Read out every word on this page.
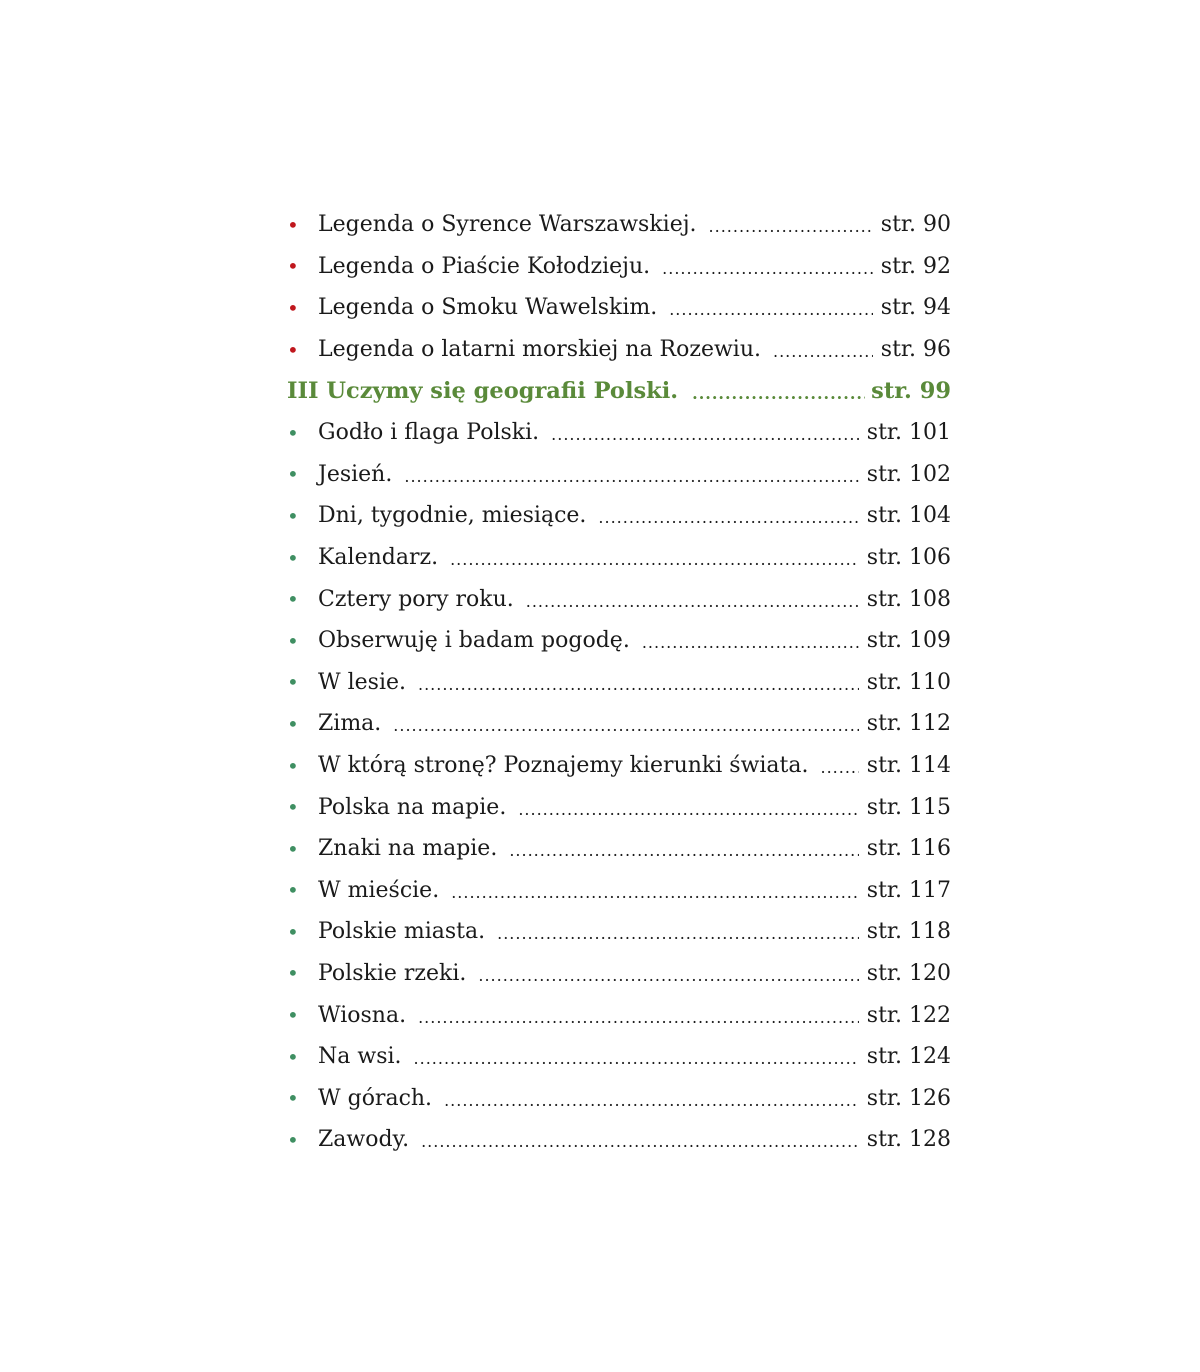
• Legenda o Syrence Warszawskiej. .....	str. 90
• Legenda o Piaście Kołodzieju. .....	str. 92
• Legenda o Smoku Wawelskim. .....	str. 94
• Legenda o latarni morskiej na Rozewiu. .....	str. 96
III Uczymy się geografii Polski. .....	str. 99
• Godło i flaga Polski. .....	str. 101
• Jesień. .....	str. 102
• Dni, tygodnie, miesiące. .....	str. 104
• Kalendarz. .....	str. 106
• Cztery pory roku. .....	str. 108
• Obserwuję i badam pogodę. .....	str. 109
• W lesie. .....	str. 110
• Zima. .....	str. 112
• W którą stronę? Poznajemy kierunki świata. .....	str. 114
• Polska na mapie. .....	str. 115
• Znaki na mapie. .....	str. 116
• W mieście. .....	str. 117
• Polskie miasta. .....	str. 118
• Polskie rzeki. .....	str. 120
• Wiosna. .....	str. 122
• Na wsi. .....	str. 124
• W górach. .....	str. 126
• Zawody. .....	str. 128
